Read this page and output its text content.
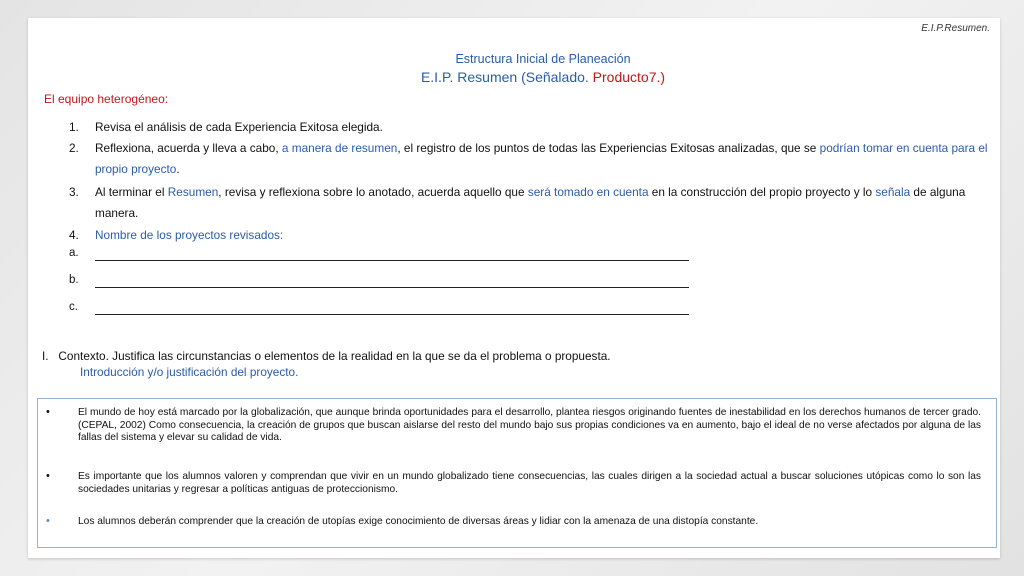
E.I.P.Resumen.
Estructura Inicial de Planeación
E.I.P. Resumen (Señalado. Producto7.)
El equipo heterogéneo:
1. Revisa el análisis de cada Experiencia Exitosa elegida.
2. Reflexiona, acuerda y lleva a cabo, a manera de resumen, el registro de los puntos de todas las Experiencias Exitosas analizadas, que se podrían tomar en cuenta para el propio proyecto.
3. Al terminar el Resumen, revisa y reflexiona sobre lo anotado, acuerda aquello que será tomado en cuenta en la construcción del propio proyecto y lo señala de alguna manera.
4. Nombre de los proyectos revisados:
a.
b.
c.
I. Contexto. Justifica las circunstancias o elementos de la realidad en la que se da el problema o propuesta.
Introducción y/o justificación del proyecto.
•	El mundo de hoy está marcado por la globalización, que aunque brinda oportunidades para el desarrollo, plantea riesgos originando fuentes de inestabilidad en los derechos humanos de tercer grado. (CEPAL, 2002) Como consecuencia, la creación de grupos que buscan aislarse del resto del mundo bajo sus propias condiciones va en aumento, bajo el ideal de no verse afectados por alguna de las fallas del sistema y elevar su calidad de vida.
•	Es importante que los alumnos valoren y comprendan que vivir en un mundo globalizado tiene consecuencias, las cuales dirigen a la sociedad actual a buscar soluciones utópicas como lo son las sociedades unitarias y regresar a políticas antiguas de proteccionismo.
•	Los alumnos deberán comprender que la creación de utopías exige conocimiento de diversas áreas y lidiar con la amenaza de una distopía constante.
